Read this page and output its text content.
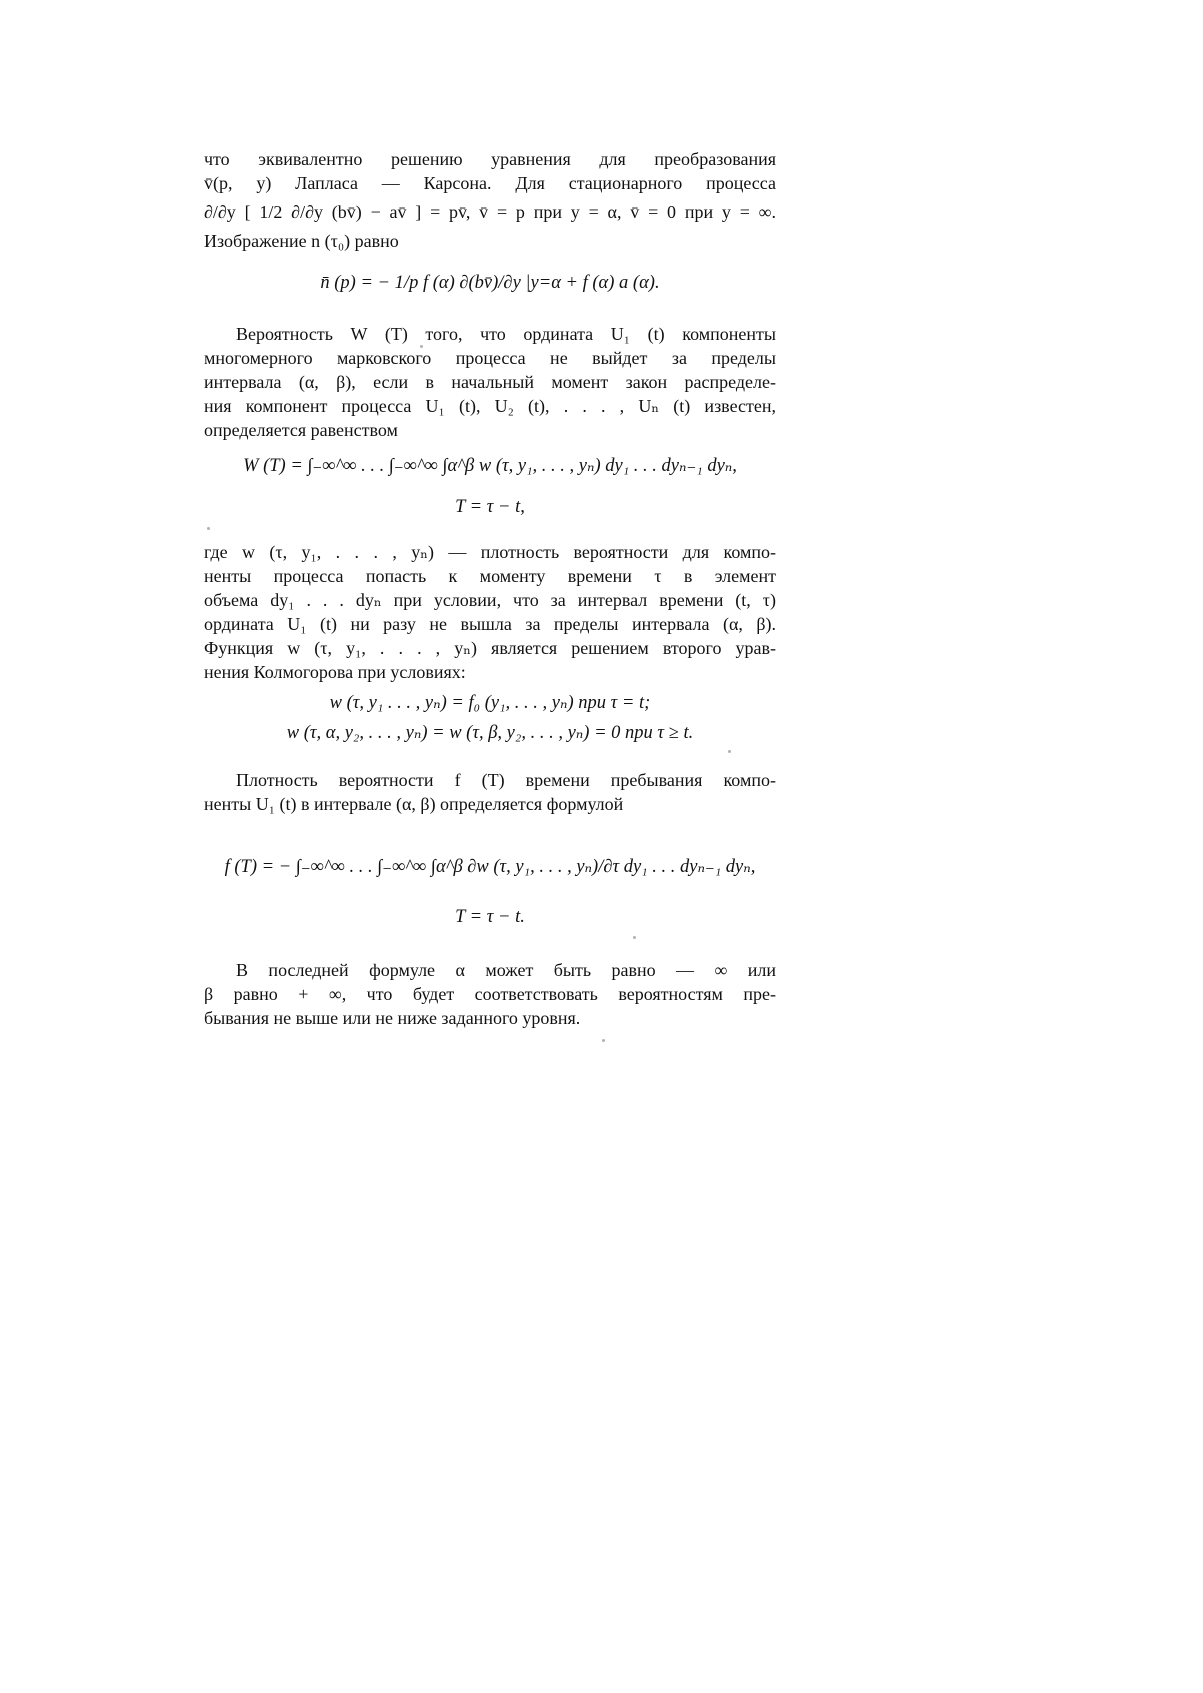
что эквивалентно решению уравнения для преобразования
v̄(p, y) Лапласа — Карсона. Для стационарного процесса
∂/∂y [ 1/2 ∂/∂y (bv̄) − av̄ ] = pv̄, v̄ = p при y = α, v̄ = 0 при y = ∞.
Изображение n (τ₀) равно
n̄ (p) = − 1/p f (α) ∂(bv̄)/∂y |y=α + f (α) a (α).
Вероятность W (T) того, что ордината U₁ (t) компоненты
многомерного марковского процесса не выйдет за пределы
интервала (α, β), если в начальный момент закон распределе-
ния компонент процесса U₁ (t), U₂ (t), . . . , Uₙ (t) известен,
определяется равенством
W (T) = ∫₋∞^∞ . . . ∫₋∞^∞ ∫α^β w (τ, y₁, . . . , yₙ) dy₁ . . . dyₙ₋₁ dyₙ,
T = τ − t,
где w (τ, y₁, . . . , yₙ) — плотность вероятности для компо-
ненты процесса попасть к моменту времени τ в элемент
объема dy₁ . . . dyₙ при условии, что за интервал времени (t, τ)
ордината U₁ (t) ни разу не вышла за пределы интервала (α, β).
Функция w (τ, y₁, . . . , yₙ) является решением второго урав-
нения Колмогорова при условиях:
w (τ, y₁ . . . , yₙ) = f₀ (y₁, . . . , yₙ) при τ = t;
w (τ, α, y₂, . . . , yₙ) = w (τ, β, y₂, . . . , yₙ) = 0 при τ ≥ t.
Плотность вероятности f (T) времени пребывания компо-
ненты U₁ (t) в интервале (α, β) определяется формулой
f (T) = − ∫₋∞^∞ . . . ∫₋∞^∞ ∫α^β ∂w (τ, y₁, . . . , yₙ)/∂τ dy₁ . . . dyₙ₋₁ dyₙ,
T = τ − t.
В последней формуле α может быть равно — ∞ или
β равно + ∞, что будет соответствовать вероятностям пре-
бывания не выше или не ниже заданного уровня.
